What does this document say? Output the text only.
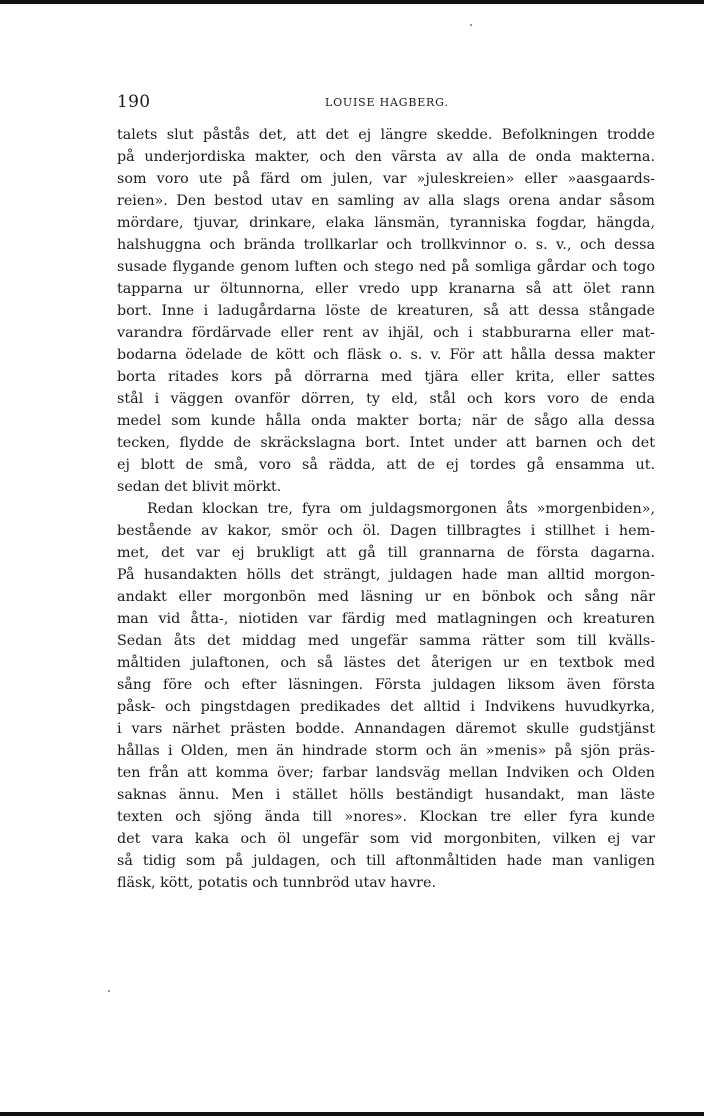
190	LOUISE HAGBERG.
talets slut påstås det, att det ej längre skedde. Befolkningen trodde
på underjordiska makter, och den värsta av alla de onda makterna.
som voro ute på färd om julen, var »juleskreien» eller »aasgaards-
reien». Den bestod utav en samling av alla slags orena andar såsom
mördare, tjuvar, drinkare, elaka länsmän, tyranniska fogdar, hängda,
halshuggna och brända trollkarlar och trollkvinnor o. s. v., och dessa
susade flygande genom luften och stego ned på somliga gårdar och togo
tapparna ur öltunnorna, eller vredo upp kranarna så att ölet rann
bort. Inne i ladugårdarna löste de kreaturen, så att dessa stångade
varandra fördärvade eller rent av ihjäl, och i stabburarna eller mat-
bodarna ödelade de kött och fläsk o. s. v. För att hålla dessa makter
borta ritades kors på dörrarna med tjära eller krita, eller sattes
stål i väggen ovanför dörren, ty eld, stål och kors voro de enda
medel som kunde hålla onda makter borta; när de sågo alla dessa
tecken, flydde de skräckslagna bort. Intet under att barnen och det
ej blott de små, voro så rädda, att de ej tordes gå ensamma ut.
sedan det blivit mörkt.
Redan klockan tre, fyra om juldagsmorgonen åts »morgenbiden»,
bestående av kakor, smör och öl. Dagen tillbragtes i stillhet i hem-
met, det var ej brukligt att gå till grannarna de första dagarna.
På husandakten hölls det strängt, juldagen hade man alltid morgon-
andakt eller morgonbön med läsning ur en bönbok och sång när
man vid åtta-, niotiden var färdig med matlagningen och kreaturen
Sedan åts det middag med ungefär samma rätter som till kvälls-
måltiden julaftonen, och så lästes det återigen ur en textbok med
sång före och efter läsningen. Första juldagen liksom även första
påsk- och pingstdagen predikades det alltid i Indvikens huvudkyrka,
i vars närhet prästen bodde. Annandagen däremot skulle gudstjänst
hållas i Olden, men än hindrade storm och än »menis» på sjön präs-
ten från att komma över; farbar landsväg mellan Indviken och Olden
saknas ännu. Men i stället hölls beständigt husandakt, man läste
texten och sjöng ända till »nores». Klockan tre eller fyra kunde
det vara kaka och öl ungefär som vid morgonbiten, vilken ej var
så tidig som på juldagen, och till aftonmåltiden hade man vanligen
fläsk, kött, potatis och tunnbröd utav havre.
